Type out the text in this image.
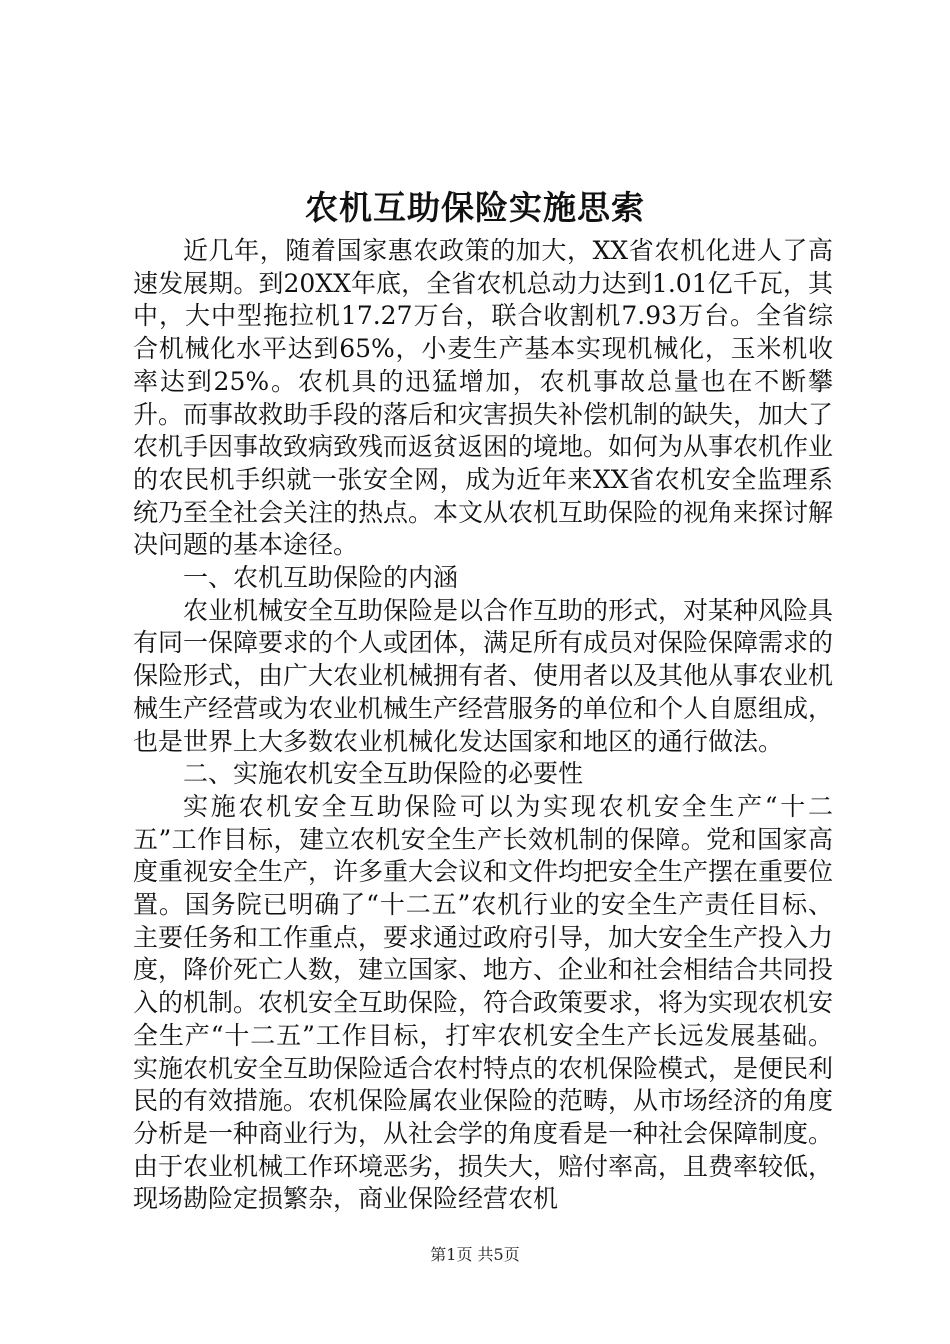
农机互助保险实施思索

近几年，随着国家惠农政策的加大，XX省农机化进人了高速发展期。到20XX年底，全省农机总动力达到1.01亿千瓦，其中，大中型拖拉机17.27万台，联合收割机7.93万台。全省综合机械化水平达到65%，小麦生产基本实现机械化，玉米机收率达到25%。农机具的迅猛增加，农机事故总量也在不断攀升。而事故救助手段的落后和灾害损失补偿机制的缺失，加大了农机手因事故致病致残而返贫返困的境地。如何为从事农机作业的农民机手织就一张安全网，成为近年来XX省农机安全监理系统乃至全社会关注的热点。本文从农机互助保险的视角来探讨解决问题的基本途径。

一、农机互助保险的内涵

农业机械安全互助保险是以合作互助的形式，对某种风险具有同一保障要求的个人或团体，满足所有成员对保险保障需求的保险形式，由广大农业机械拥有者、使用者以及其他从事农业机械生产经营或为农业机械生产经营服务的单位和个人自愿组成，也是世界上大多数农业机械化发达国家和地区的通行做法。

二、实施农机安全互助保险的必要性

实施农机安全互助保险可以为实现农机安全生产“十二五”工作目标，建立农机安全生产长效机制的保障。党和国家高度重视安全生产，许多重大会议和文件均把安全生产摆在重要位置。国务院已明确了“十二五”农机行业的安全生产责任目标、主要任务和工作重点，要求通过政府引导，加大安全生产投入力度，降价死亡人数，建立国家、地方、企业和社会相结合共同投入的机制。农机安全互助保险，符合政策要求，将为实现农机安全生产“十二五”工作目标，打牢农机安全生产长远发展基础。实施农机安全互助保险适合农村特点的农机保险模式，是便民利民的有效措施。农机保险属农业保险的范畴，从市场经济的角度分析是一种商业行为，从社会学的角度看是一种社会保障制度。由于农业机械工作环境恶劣，损失大，赔付率高，且费率较低，现场勘险定损繁杂，商业保险经营农机

第1页 共5页
